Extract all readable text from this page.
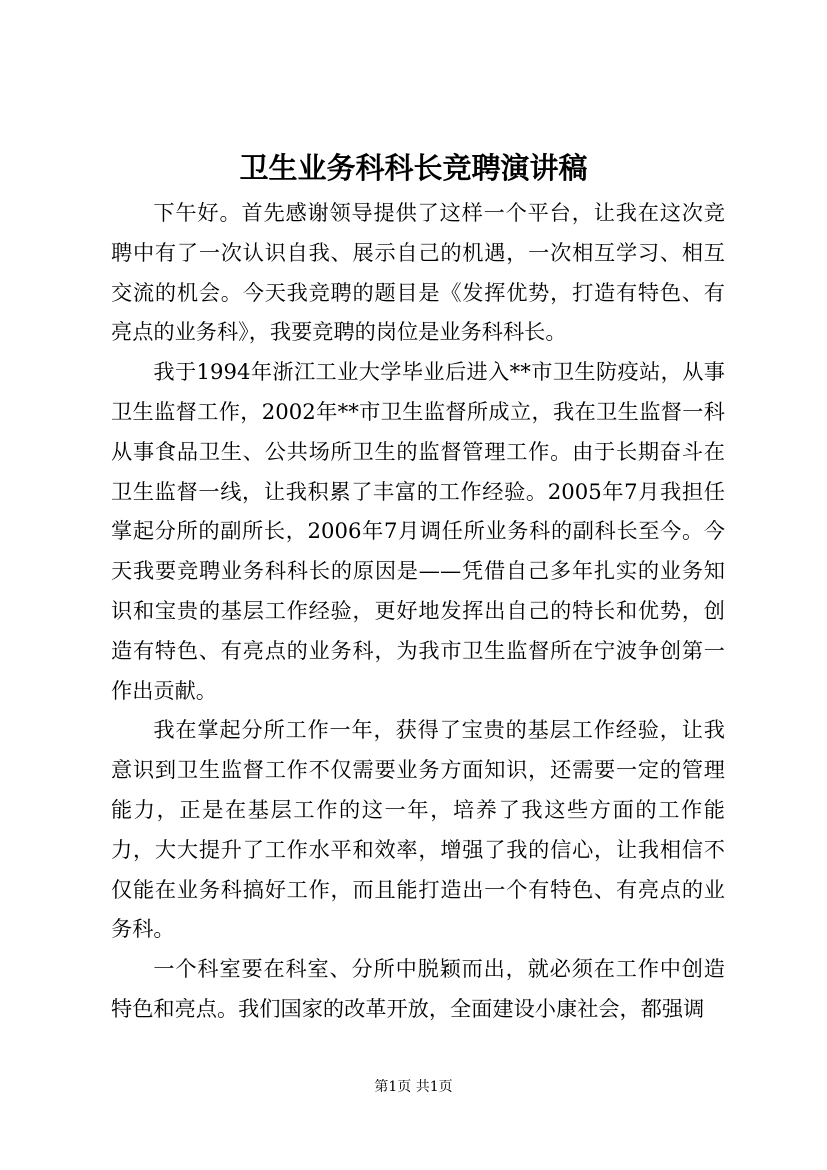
卫生业务科科长竞聘演讲稿

下午好。首先感谢领导提供了这样一个平台，让我在这次竞聘中有了一次认识自我、展示自己的机遇，一次相互学习、相互交流的机会。今天我竞聘的题目是《发挥优势，打造有特色、有亮点的业务科》，我要竞聘的岗位是业务科科长。

我于1994年浙江工业大学毕业后进入**市卫生防疫站，从事卫生监督工作，2002年**市卫生监督所成立，我在卫生监督一科从事食品卫生、公共场所卫生的监督管理工作。由于长期奋斗在卫生监督一线，让我积累了丰富的工作经验。2005年7月我担任掌起分所的副所长，2006年7月调任所业务科的副科长至今。今天我要竞聘业务科科长的原因是——凭借自己多年扎实的业务知识和宝贵的基层工作经验，更好地发挥出自己的特长和优势，创造有特色、有亮点的业务科，为我市卫生监督所在宁波争创第一作出贡献。

我在掌起分所工作一年，获得了宝贵的基层工作经验，让我意识到卫生监督工作不仅需要业务方面知识，还需要一定的管理能力，正是在基层工作的这一年，培养了我这些方面的工作能力，大大提升了工作水平和效率，增强了我的信心，让我相信不仅能在业务科搞好工作，而且能打造出一个有特色、有亮点的业务科。

一个科室要在科室、分所中脱颖而出，就必须在工作中创造特色和亮点。我们国家的改革开放，全面建设小康社会，都强调

第1页 共1页
